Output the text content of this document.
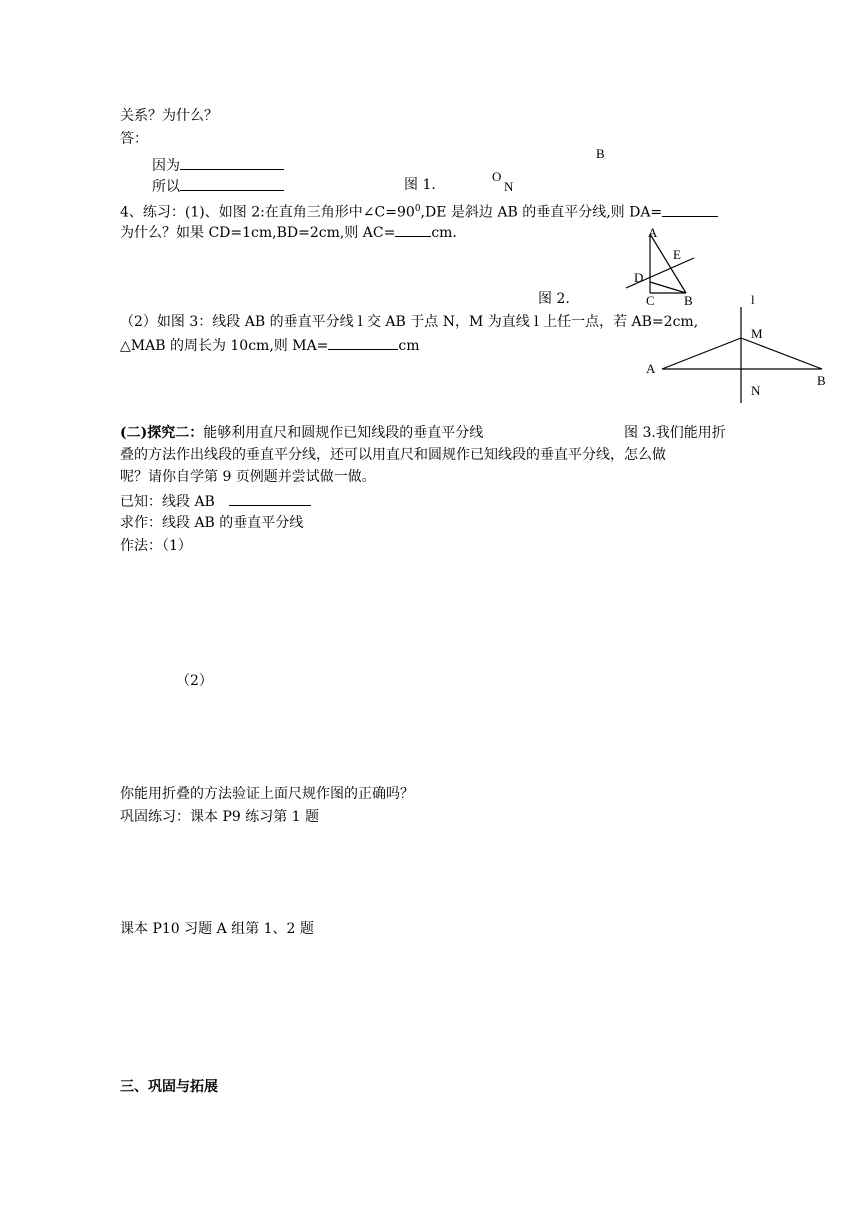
关系？为什么？
答：
因为
所以
B
图 1.
O
N
4、练习：(1)、如图 2:在直角三角形中$\angle C=90^0,DE$ 是斜边 AB 的垂直平分线,则 DA=
为什么？如果 CD=1cm,BD=2cm,则 AC=	cm.	A
E
D
C B
图 2.	l
M
A
B
N
（2）如图 3：线段 AB 的垂直平分线 l 交 AB 于点 N，M 为直线 l 上任一点，若 AB=2cm,
△MAB 的周长为 10cm,则 MA=	cm
(二)探究二：能够利用直尺和圆规作已知线段的垂直平分线	图 3.我们能用折
叠的方法作出线段的垂直平分线，还可以用直尺和圆规作已知线段的垂直平分线，怎么做
呢？请你自学第 9 页例题并尝试做一做。
已知：线段 AB
求作：线段 AB 的垂直平分线
作法：（1）
（2）
你能用折叠的方法验证上面尺规作图的正确吗？
巩固练习：课本 P9 练习第 1 题
课本 P10 习题 A 组第 1、2 题
三、巩固与拓展
